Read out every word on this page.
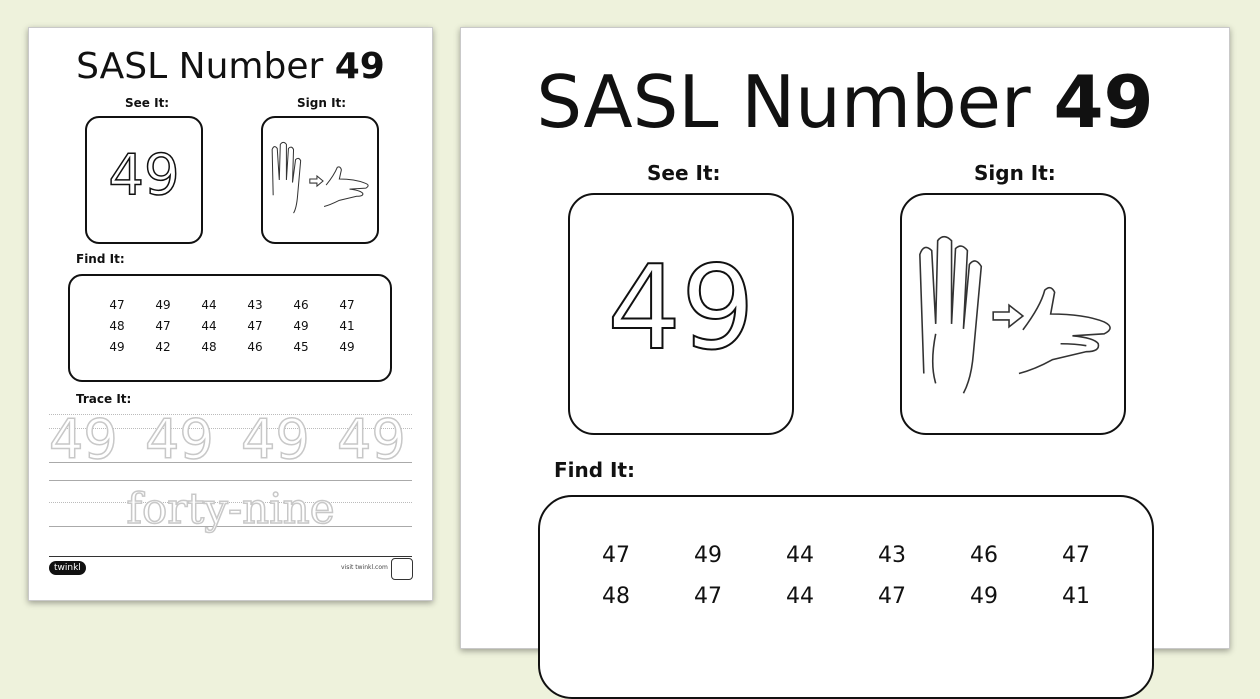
SASL Number 49
See It:	Sign It:
49
Find It:
47	49	44	43	46	47
48	47	44	47	49	41
49	42	48	46	45	49
Trace It:
49 49 49 49
forty-nine
twinkl	visit twinkl.com
SASL Number 49
See It:	Sign It:
49
Find It:
47	49	44	43	46	47
48	47	44	47	49	41
